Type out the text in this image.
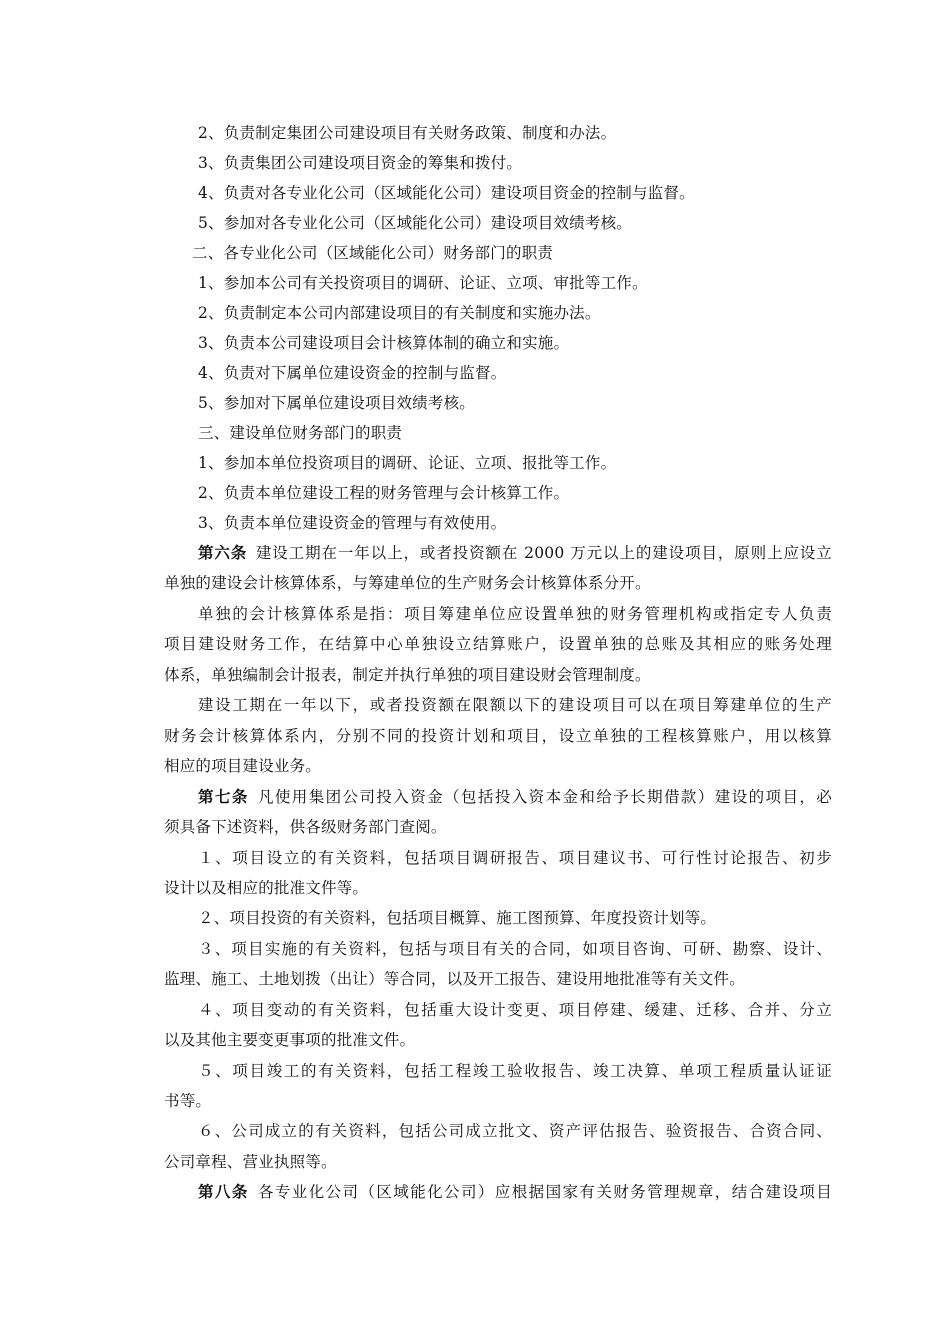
2、负责制定集团公司建设项目有关财务政策、制度和办法。
3、负责集团公司建设项目资金的筹集和拨付。
4、负责对各专业化公司（区域能化公司）建设项目资金的控制与监督。
5、参加对各专业化公司（区域能化公司）建设项目效绩考核。
二、各专业化公司（区域能化公司）财务部门的职责
1、参加本公司有关投资项目的调研、论证、立项、审批等工作。
2、负责制定本公司内部建设项目的有关制度和实施办法。
3、负责本公司建设项目会计核算体制的确立和实施。
4、负责对下属单位建设资金的控制与监督。
5、参加对下属单位建设项目效绩考核。
三、建设单位财务部门的职责
1、参加本单位投资项目的调研、论证、立项、报批等工作。
2、负责本单位建设工程的财务管理与会计核算工作。
3、负责本单位建设资金的管理与有效使用。
第六条  建设工期在一年以上，或者投资额在 2000 万元以上的建设项目，原则上应设立
单独的建设会计核算体系，与筹建单位的生产财务会计核算体系分开。
单独的会计核算体系是指：项目筹建单位应设置单独的财务管理机构或指定专人负责
项目建设财务工作，在结算中心单独设立结算账户，设置单独的总账及其相应的账务处理
体系，单独编制会计报表，制定并执行单独的项目建设财会管理制度。
建设工期在一年以下，或者投资额在限额以下的建设项目可以在项目筹建单位的生产
财务会计核算体系内，分别不同的投资计划和项目，设立单独的工程核算账户，用以核算
相应的项目建设业务。
第七条  凡使用集团公司投入资金（包括投入资本金和给予长期借款）建设的项目，必
须具备下述资料，供各级财务部门查阅。
１、项目设立的有关资料，包括项目调研报告、项目建议书、可行性讨论报告、初步
设计以及相应的批准文件等。
２、项目投资的有关资料，包括项目概算、施工图预算、年度投资计划等。
３、项目实施的有关资料，包括与项目有关的合同，如项目咨询、可研、勘察、设计、
监理、施工、土地划拨（出让）等合同，以及开工报告、建设用地批准等有关文件。
４、项目变动的有关资料，包括重大设计变更、项目停建、缓建、迁移、合并、分立
以及其他主要变更事项的批准文件。
５、项目竣工的有关资料，包括工程竣工验收报告、竣工决算、单项工程质量认证证
书等。
６、公司成立的有关资料，包括公司成立批文、资产评估报告、验资报告、合资合同、
公司章程、营业执照等。
第八条  各专业化公司（区域能化公司）应根据国家有关财务管理规章，结合建设项目
